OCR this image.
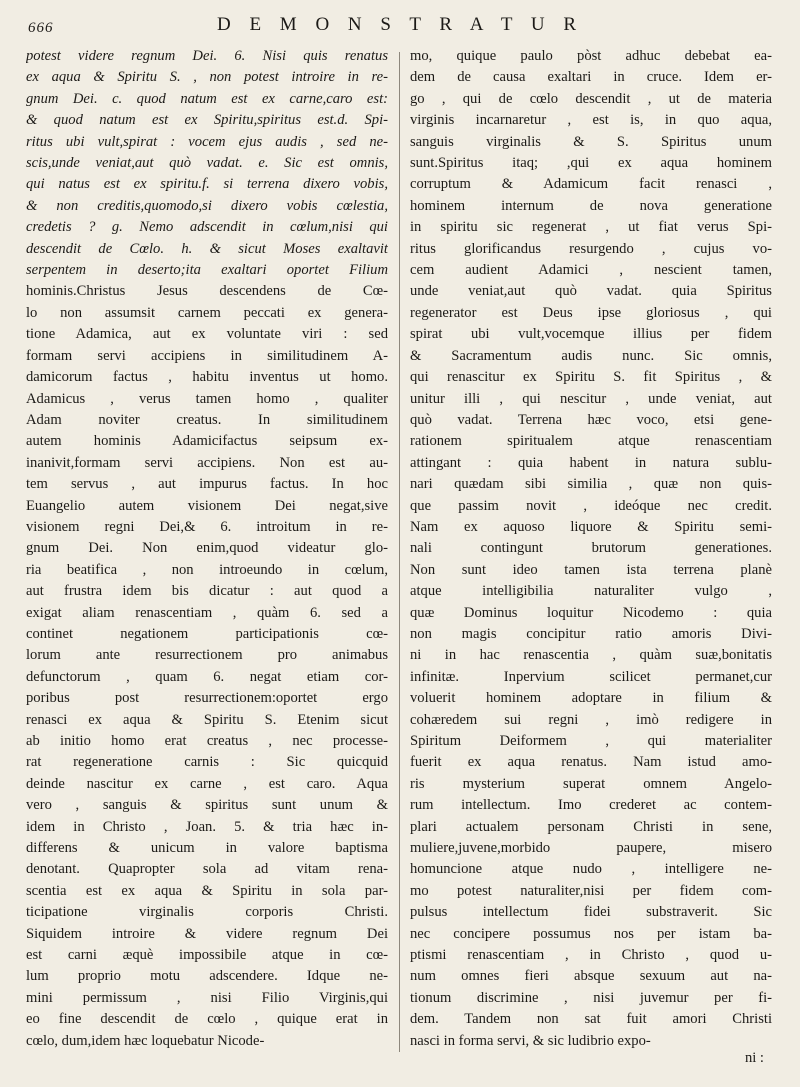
666	D E M O N S T R A T U R
potest videre regnum Dei. 6. Nisi quis renatus
ex aqua & Spiritu S. , non potest introire in re-
gnum Dei. c. quod natum est ex carne,caro est:
& quod natum est ex Spiritu,spiritus est.d. Spi-
ritus ubi vult,spirat : vocem ejus audis , sed ne-
scis,unde veniat,aut quò vadat. e. Sic est omnis,
qui natus est ex spiritu.f. si terrena dixero vobis,
& non creditis,quomodo,si dixero vobis cœlestia,
credetis ? g. Nemo adscendit in cœlum,nisi qui
descendit de Cœlo. h. & sicut Moses exaltavit
serpentem in deserto;ita exaltari oportet Filium
hominis.Christus Jesus descendens de Cœ-
lo non assumsit carnem peccati ex genera-
tione Adamica, aut ex voluntate viri : sed
formam servi accipiens in similitudinem A-
damicorum factus , habitu inventus ut homo.
Adamicus , verus tamen homo , qualiter
Adam noviter creatus. In similitudinem
autem hominis Adamicifactus seipsum ex-
inanivit,formam servi accipiens. Non est au-
tem servus , aut impurus factus. In hoc
Euangelio autem visionem Dei negat,sive
visionem regni Dei,& 6. introitum in re-
gnum Dei. Non enim,quod videatur glo-
ria beatifica , non introeundo in cœlum,
aut frustra idem bis dicatur : aut quod a
exigat aliam renascentiam , quàm 6. sed a
continet negationem participationis cœ-
lorum ante resurrectionem pro animabus
defunctorum , quam 6. negat etiam cor-
poribus post resurrectionem:oportet ergo
renasci ex aqua & Spiritu S. Etenim sicut
ab initio homo erat creatus , nec processe-
rat regeneratione carnis : Sic quicquid
deinde nascitur ex carne , est caro. Aqua
vero , sanguis & spiritus sunt unum &
idem in Christo , Joan. 5. & tria hæc in-
differens & unicum in valore baptisma
denotant. Quapropter sola ad vitam rena-
scentia est ex aqua & Spiritu in sola par-
ticipatione virginalis corporis Christi.
Siquidem introire & videre regnum Dei
est carni æquè impossibile atque in cœ-
lum proprio motu adscendere. Idque ne-
mini permissum , nisi Filio Virginis,qui
eo fine descendit de cœlo , quique erat in
cœlo, dum,idem hæc loquebatur Nicode-
mo, quique paulo pòst adhuc debebat ea-
dem de causa exaltari in cruce. Idem er-
go , qui de cœlo descendit , ut de materia
virginis incarnaretur , est is, in quo aqua,
sanguis virginalis & S. Spiritus unum
sunt.Spiritus itaq; ,qui ex aqua hominem
corruptum & Adamicum facit renasci ,
hominem internum de nova generatione
in spiritu sic regenerat , ut fiat verus Spi-
ritus glorificandus resurgendo , cujus vo-
cem audient Adamici , nescient tamen,
unde veniat,aut quò vadat. quia Spiritus
regenerator est Deus ipse gloriosus , qui
spirat ubi vult,vocemque illius per fidem
& Sacramentum audis nunc. Sic omnis,
qui renascitur ex Spiritu S. fit Spiritus , &
unitur illi , qui nescitur , unde veniat, aut
quò vadat. Terrena hæc voco, etsi gene-
rationem spiritualem atque renascentiam
attingant : quia habent in natura sublu-
nari quædam sibi similia , quæ non quis-
que passim novit , ideóque nec credit.
Nam ex aquoso liquore & Spiritu semi-
nali contingunt brutorum generationes.
Non sunt ideo tamen ista terrena planè
atque intelligibilia naturaliter vulgo ,
quæ Dominus loquitur Nicodemo : quia
non magis concipitur ratio amoris Divi-
ni in hac renascentia , quàm suæ,bonitatis
infinitæ. Inpervium scilicet permanet,cur
voluerit hominem adoptare in filium &
cohæredem sui regni , imò redigere in
Spiritum Deiformem , qui materialiter
fuerit ex aqua renatus. Nam istud amo-
ris mysterium superat omnem Angelo-
rum intellectum. Imo crederet ac contem-
plari actualem personam Christi in sene,
muliere,juvene,morbido paupere, misero
homuncione atque nudo , intelligere ne-
mo potest naturaliter,nisi per fidem com-
pulsus intellectum fidei substraverit. Sic
nec concipere possumus nos per istam ba-
ptismi renascentiam , in Christo , quod u-
num omnes fieri absque sexuum aut na-
tionum discrimine , nisi juvemur per fi-
dem. Tandem non sat fuit amori Christi
nasci in forma servi, & sic ludibrio expo-
ni :
